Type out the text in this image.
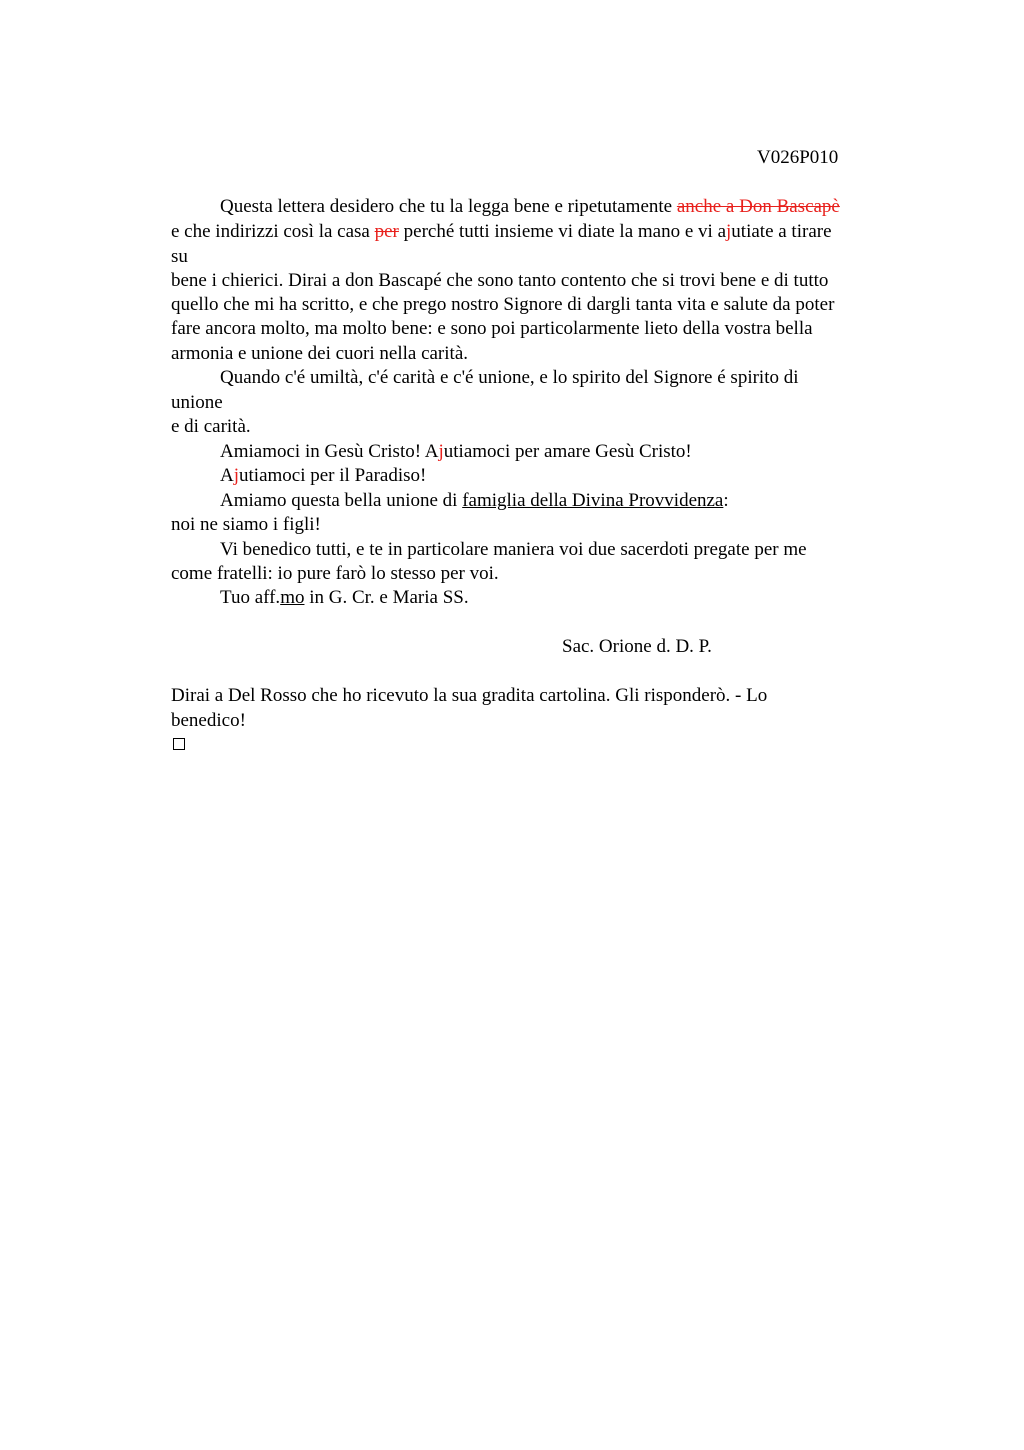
V026P010
Questa lettera desidero che tu la legga bene e ripetutamente anche a Don Bascapè
e che indirizzi così la casa per perché tutti insieme vi diate la mano e vi ajutiate a tirare
su
bene i chierici. Dirai a don Bascapé che sono tanto contento che si trovi bene e di tutto
quello che mi ha scritto, e che prego nostro Signore di dargli tanta vita e salute da poter
fare ancora molto, ma molto bene: e sono poi particolarmente lieto della vostra bella
armonia e unione dei cuori nella carità.
Quando c'é umiltà, c'é carità e c'é unione, e lo spirito del Signore é spirito di
unione
e di carità.
Amiamoci in Gesù Cristo! Ajutiamoci per amare Gesù Cristo!
Ajutiamoci per il Paradiso!
Amiamo questa bella unione di famiglia della Divina Provvidenza:
noi ne siamo i figli!
Vi benedico tutti, e te in particolare maniera voi due sacerdoti pregate per me
come fratelli: io pure farò lo stesso per voi.
Tuo aff.mo in G. Cr. e Maria SS.
Sac. Orione d. D. P.
Dirai a Del Rosso che ho ricevuto la sua gradita cartolina. Gli risponderò. - Lo
benedico!
